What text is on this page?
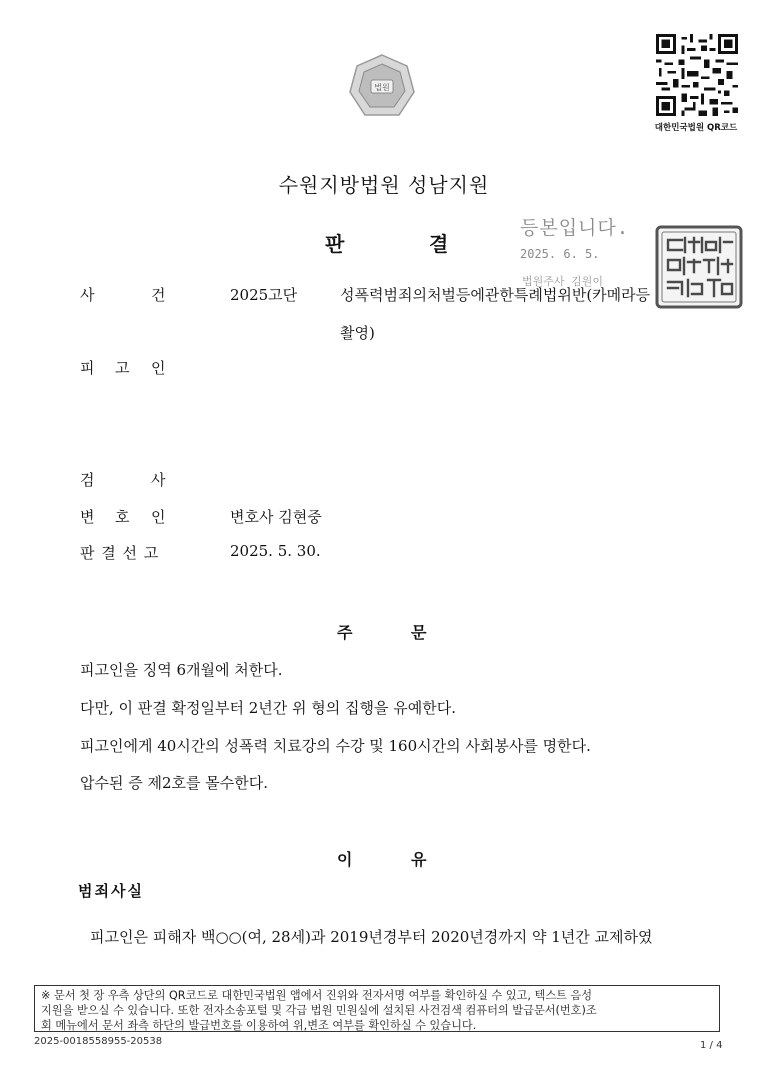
법원
대한민국법원 QR코드
수원지방법원 성남지원
판	결
등본입니다.
2025. 6. 5.
법원주사 김원이
사	건	2025고단	성폭력범죄의처벌등에관한특례법위반(카메라등
촬영)
피 고 인
검	사
변 호 인	변호사 김현중
판 결 선 고	2025. 5. 30.
주	문
피고인을 징역 6개월에 처한다.
다만, 이 판결 확정일부터 2년간 위 형의 집행을 유예한다.
피고인에게 40시간의 성폭력 치료강의 수강 및 160시간의 사회봉사를 명한다.
압수된 증 제2호를 몰수한다.
이	유
범죄사실
피고인은 피해자 백○○(여, 28세)과 2019년경부터 2020년경까지 약 1년간 교제하였
※ 문서 첫 장 우측 상단의 QR코드로 대한민국법원 앱에서 진위와 전자서명 여부를 확인하실 수 있고, 텍스트 음성
지원을 받으실 수 있습니다. 또한 전자소송포털 및 각급 법원 민원실에 설치된 사건검색 컴퓨터의 발급문서(번호)조
회 메뉴에서 문서 좌측 하단의 발급번호를 이용하여 위,변조 여부를 확인하실 수 있습니다.
2025-0018558955-20538	1 / 4
